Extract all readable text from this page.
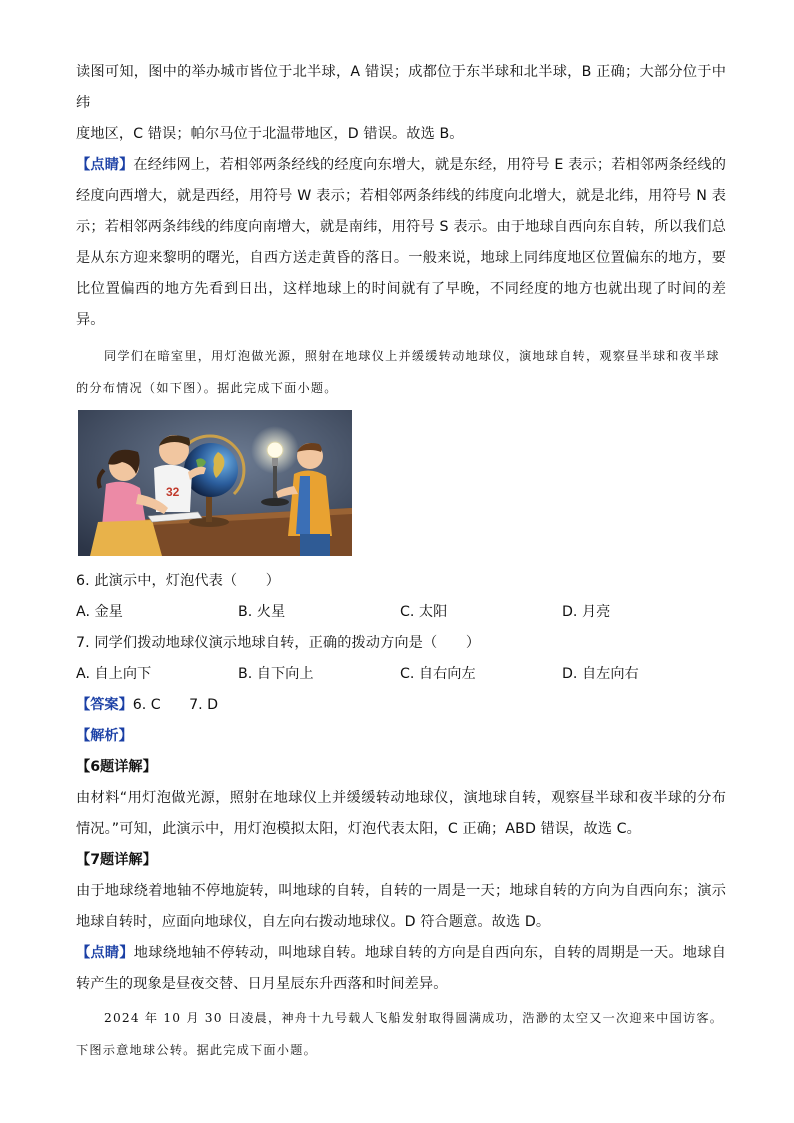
读图可知，图中的举办城市皆位于北半球，A 错误；成都位于东半球和北半球，B 正确；大部分位于中纬

度地区，C 错误；帕尔马位于北温带地区，D 错误。故选 B。

【点睛】在经纬网上，若相邻两条经线的经度向东增大，就是东经，用符号 E 表示；若相邻两条经线的经度向西增大，就是西经，用符号 W 表示；若相邻两条纬线的纬度向北增大，就是北纬，用符号 N 表示；若相邻两条纬线的纬度向南增大，就是南纬，用符号 S 表示。由于地球自西向东自转，所以我们总是从东方迎来黎明的曙光，自西方送走黄昏的落日。一般来说，地球上同纬度地区位置偏东的地方，要比位置偏西的地方先看到日出，这样地球上的时间就有了早晚，不同经度的地方也就出现了时间的差异。

同学们在暗室里，用灯泡做光源，照射在地球仪上并缓缓转动地球仪，演地球自转，观察昼半球和夜半球的分布情况（如下图）。据此完成下面小题。

32

6. 此演示中，灯泡代表（　　）

A. 金星	B. 火星	C. 太阳	D. 月亮

7. 同学们拨动地球仪演示地球自转，正确的拨动方向是（　　）

A. 自上向下	B. 自下向上	C. 自右向左	D. 自左向右
【答案】6. C　　7. D
【解析】
【6题详解】

由材料“用灯泡做光源，照射在地球仪上并缓缓转动地球仪，演地球自转，观察昼半球和夜半球的分布情况。”可知，此演示中，用灯泡模拟太阳，灯泡代表太阳，C 正确；ABD 错误，故选 C。

【7题详解】

由于地球绕着地轴不停地旋转，叫地球的自转，自转的一周是一天；地球自转的方向为自西向东；演示地球自转时，应面向地球仪，自左向右拨动地球仪。D 符合题意。故选 D。

【点睛】地球绕地轴不停转动，叫地球自转。地球自转的方向是自西向东，自转的周期是一天。地球自转产生的现象是昼夜交替、日月星辰东升西落和时间差异。

2024 年 10 月 30 日凌晨，神舟十九号载人飞船发射取得圆满成功，浩渺的太空又一次迎来中国访客。下图示意地球公转。据此完成下面小题。
